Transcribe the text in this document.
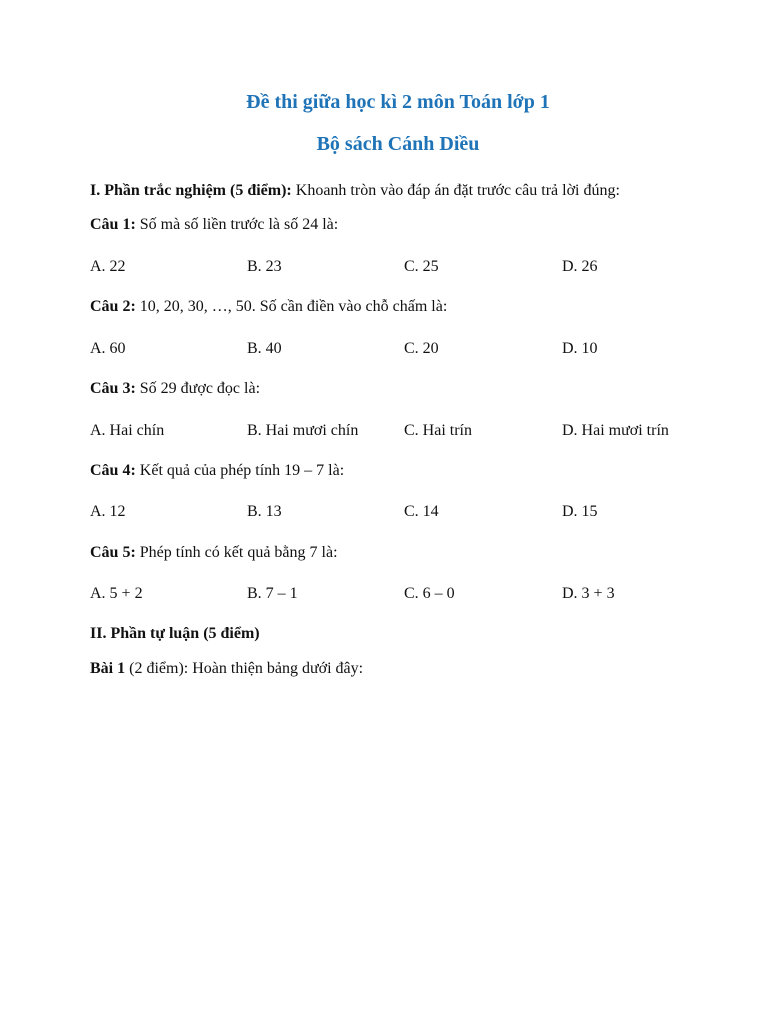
Đề thi giữa học kì 2 môn Toán lớp 1
Bộ sách Cánh Diều
I. Phần trắc nghiệm (5 điểm): Khoanh tròn vào đáp án đặt trước câu trả lời đúng:
Câu 1: Số mà số liền trước là số 24 là:
A. 22	B. 23	C. 25	D. 26
Câu 2: 10, 20, 30, …, 50. Số cần điền vào chỗ chấm là:
A. 60	B. 40	C. 20	D. 10
Câu 3: Số 29 được đọc là:
A. Hai chín	B. Hai mươi chín	C. Hai trín	D. Hai mươi trín
Câu 4: Kết quả của phép tính 19 – 7 là:
A. 12	B. 13	C. 14	D. 15
Câu 5: Phép tính có kết quả bằng 7 là:
A. 5 + 2	B. 7 – 1	C. 6 – 0	D. 3 + 3
II. Phần tự luận (5 điểm)
Bài 1 (2 điểm): Hoàn thiện bảng dưới đây:
